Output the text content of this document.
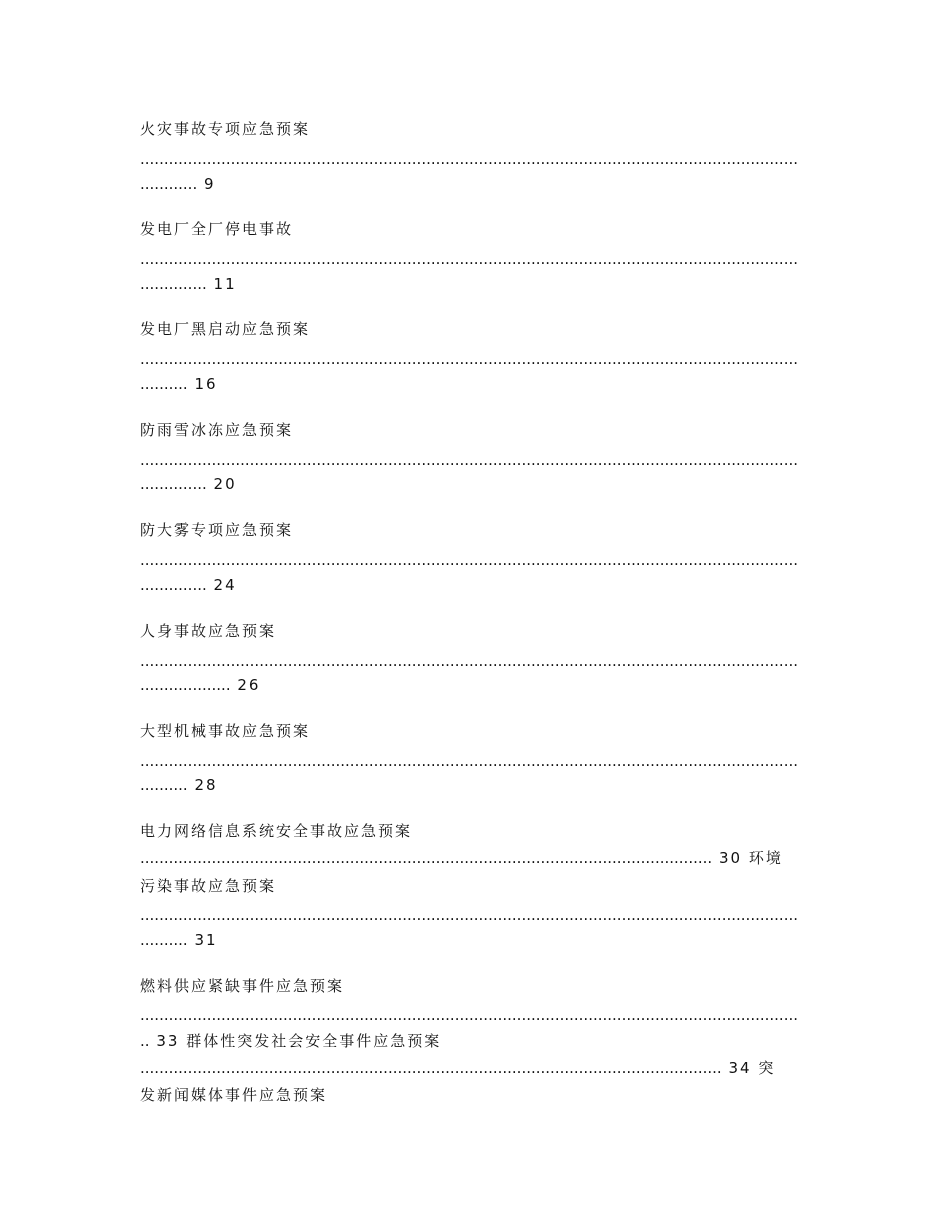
火灾事故专项应急预案
..........................................................................................................................................
............ 9
发电厂全厂停电事故
..........................................................................................................................................
.............. 11
发电厂黑启动应急预案
..........................................................................................................................................
.......... 16
防雨雪冰冻应急预案
..........................................................................................................................................
.............. 20
防大雾专项应急预案
..........................................................................................................................................
.............. 24
人身事故应急预案
..........................................................................................................................................
................... 26
大型机械事故应急预案
..........................................................................................................................................
.......... 28
电力网络信息系统安全事故应急预案
........................................................................................................................ 30 环境
污染事故应急预案
..........................................................................................................................................
.......... 31
燃料供应紧缺事件应急预案
..........................................................................................................................................
.. 33 群体性突发社会安全事件应急预案
.......................................................................................................................... 34 突
发新闻媒体事件应急预案
